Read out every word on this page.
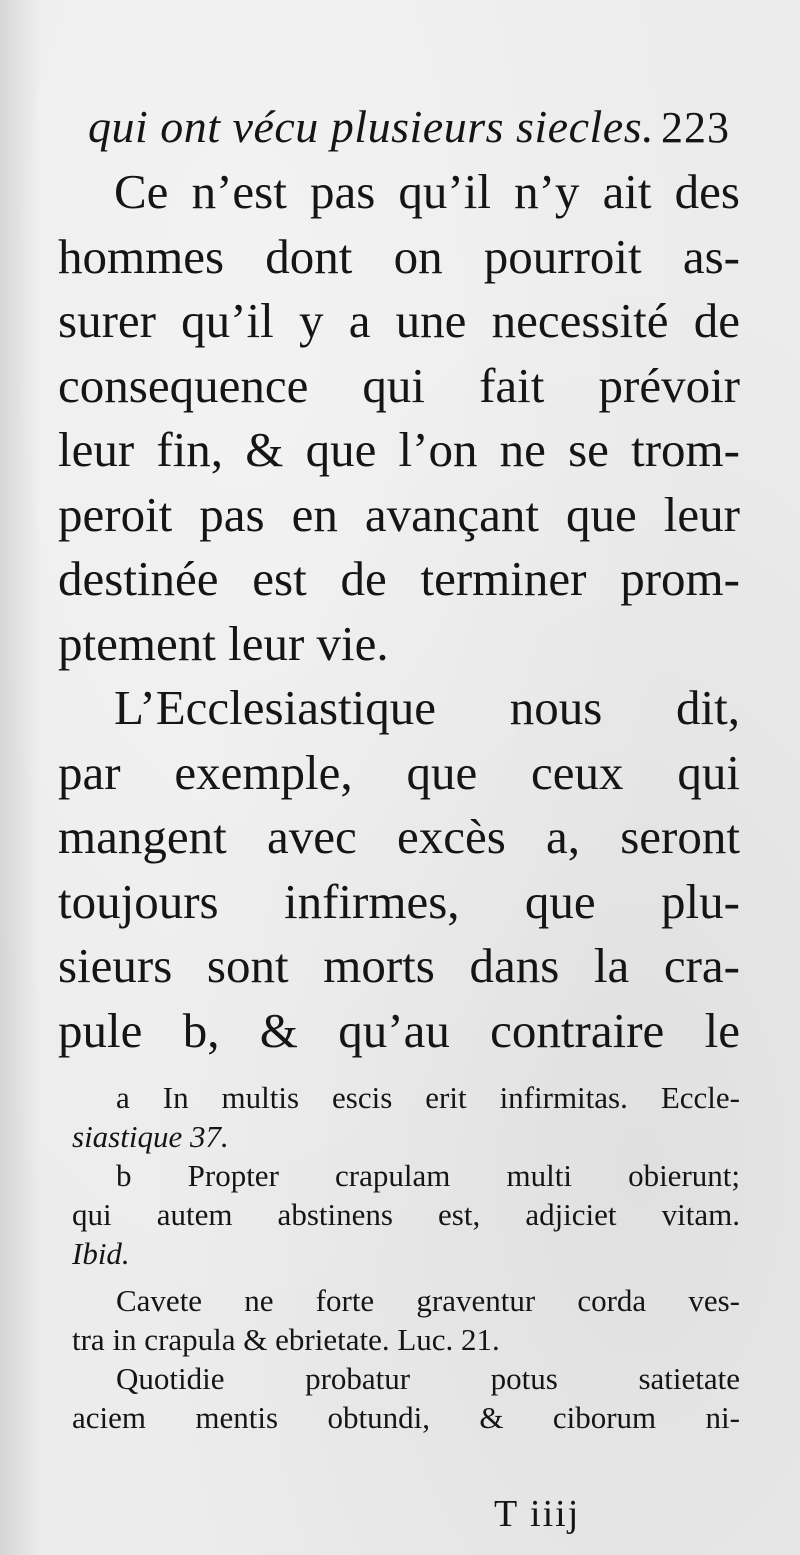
qui ont vécu plusieurs siecles. 223
Ce n’est pas qu’il n’y ait des
hommes dont on pourroit as-
surer qu’il y a une necessité de
consequence qui fait prévoir
leur fin, & que l’on ne se trom-
peroit pas en avançant que leur
destinée est de terminer prom-
ptement leur vie.
L’Ecclesiastique nous dit,
par exemple, que ceux qui
mangent avec excès a, seront
toujours infirmes, que plu-
sieurs sont morts dans la cra-
pule b, & qu’au contraire le
a In multis escis erit infirmitas. Eccle-
siastique 37.
b Propter crapulam multi obierunt;
qui autem abstinens est, adjiciet vitam.
Ibid.
Cavete ne forte graventur corda ves-
tra in crapula & ebrietate. Luc. 21.
Quotidie probatur potus satietate
aciem mentis obtundi, & ciborum ni-
T iiij
